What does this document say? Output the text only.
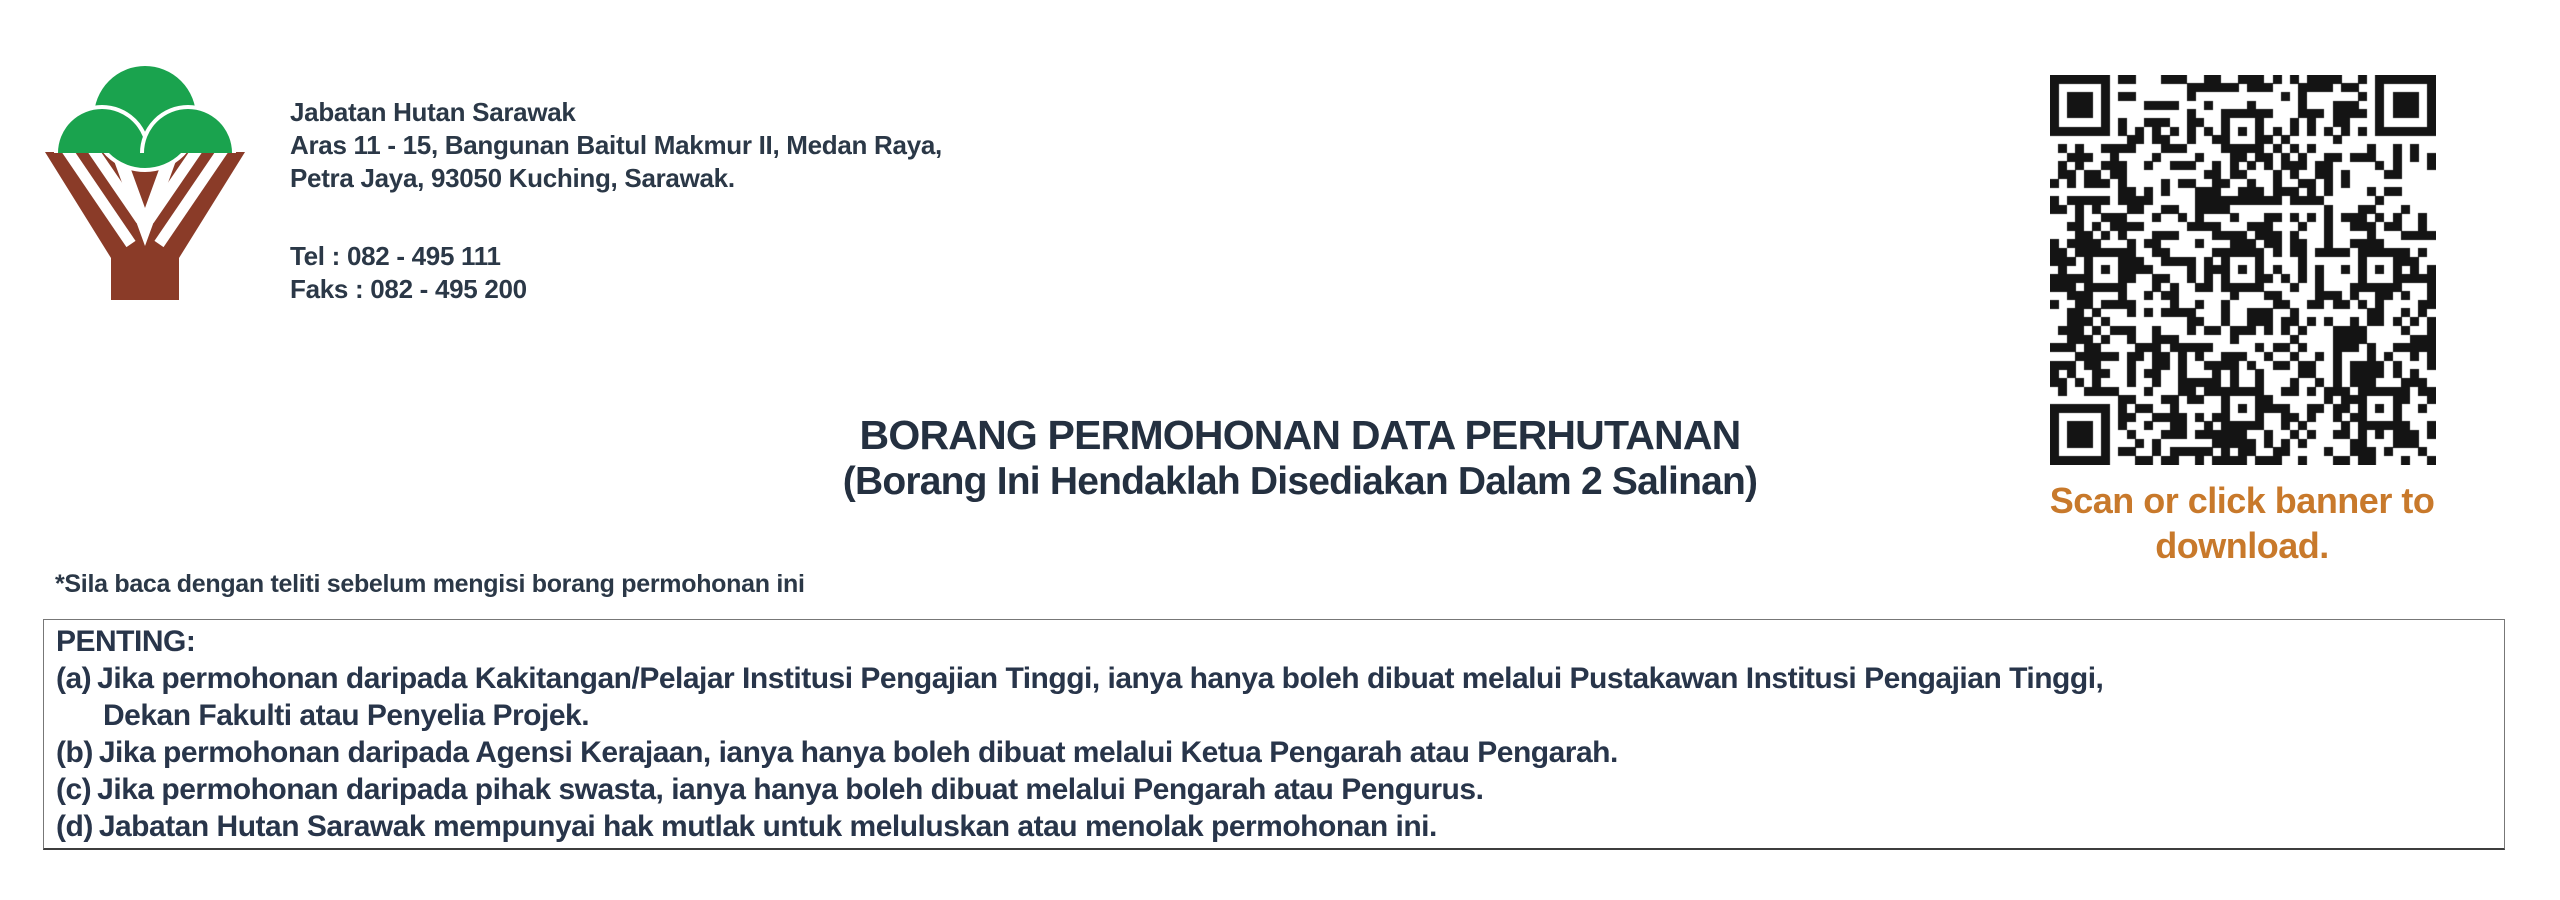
Jabatan Hutan Sarawak
Aras 11 - 15, Bangunan Baitul Makmur II, Medan Raya,
Petra Jaya, 93050 Kuching, Sarawak.
Tel : 082 - 495 111
Faks : 082 - 495 200
BORANG PERMOHONAN DATA PERHUTANAN
(Borang Ini Hendaklah Disediakan Dalam 2 Salinan)	Scan or click banner to download.
*Sila baca dengan teliti sebelum mengisi borang permohonan ini
PENTING:
(a) Jika permohonan daripada Kakitangan/Pelajar Institusi Pengajian Tinggi, ianya hanya boleh dibuat melalui Pustakawan Institusi Pengajian Tinggi,
Dekan Fakulti atau Penyelia Projek.
(b) Jika permohonan daripada Agensi Kerajaan, ianya hanya boleh dibuat melalui Ketua Pengarah atau Pengarah.
(c) Jika permohonan daripada pihak swasta, ianya hanya boleh dibuat melalui Pengarah atau Pengurus.
(d) Jabatan Hutan Sarawak mempunyai hak mutlak untuk meluluskan atau menolak permohonan ini.
